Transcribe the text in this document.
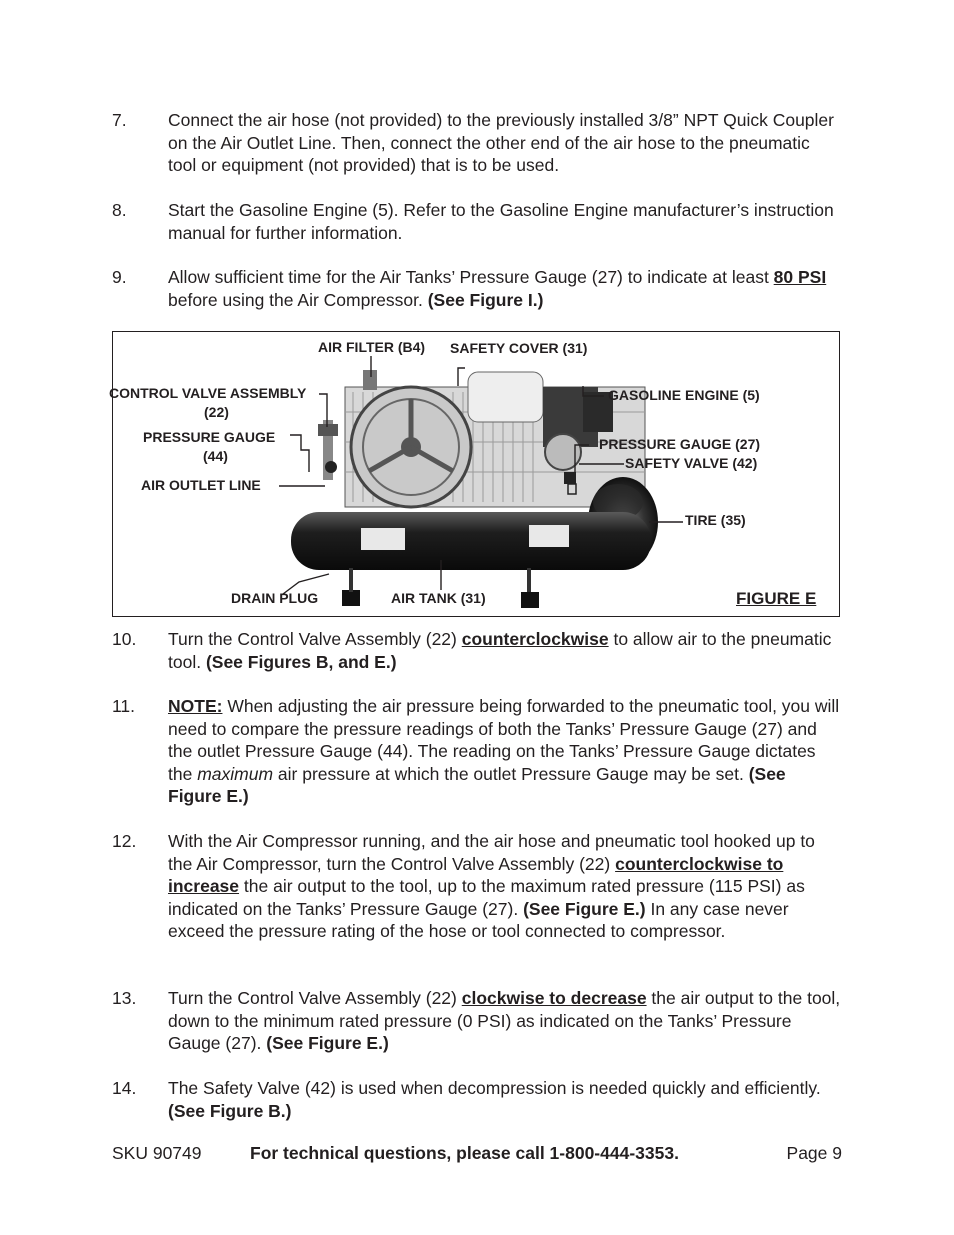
7. Connect the air hose (not provided) to the previously installed 3/8” NPT Quick Coupler on the Air Outlet Line. Then, connect the other end of the air hose to the pneumatic tool or equipment (not provided) that is to be used.
8. Start the Gasoline Engine (5). Refer to the Gasoline Engine manufacturer’s instruction manual for further information.
9. Allow sufficient time for the Air Tanks’ Pressure Gauge (27) to indicate at least 80 PSI before using the Air Compressor. (See Figure I.)
AIR FILTER (B4) SAFETY COVER (31)
CONTROL VALVE ASSEMBLY
(22)
GASOLINE ENGINE (5)
PRESSURE GAUGE
(44)
PRESSURE GAUGE (27)
SAFETY VALVE (42)
AIR OUTLET LINE
TIRE (35)
DRAIN PLUG	AIR TANK (31)	FIGURE E
10. Turn the Control Valve Assembly (22) counterclockwise to allow air to the pneumatic tool. (See Figures B, and E.)
11. NOTE: When adjusting the air pressure being forwarded to the pneumatic tool, you will need to compare the pressure readings of both the Tanks’ Pressure Gauge (27) and the outlet Pressure Gauge (44). The reading on the Tanks’ Pressure Gauge dictates the maximum air pressure at which the outlet Pressure Gauge may be set. (See Figure E.)
12. With the Air Compressor running, and the air hose and pneumatic tool hooked up to the Air Compressor, turn the Control Valve Assembly (22) counterclockwise to increase the air output to the tool, up to the maximum rated pressure (115 PSI) as indicated on the Tanks’ Pressure Gauge (27). (See Figure E.) In any case never exceed the pressure rating of the hose or tool connected to compressor.
13. Turn the Control Valve Assembly (22) clockwise to decrease the air output to the tool, down to the minimum rated pressure (0 PSI) as indicated on the Tanks’ Pressure Gauge (27). (See Figure E.)
14. The Safety Valve (42) is used when decompression is needed quickly and efficiently. (See Figure B.)
SKU 90749	For technical questions, please call 1-800-444-3353.	Page 9
